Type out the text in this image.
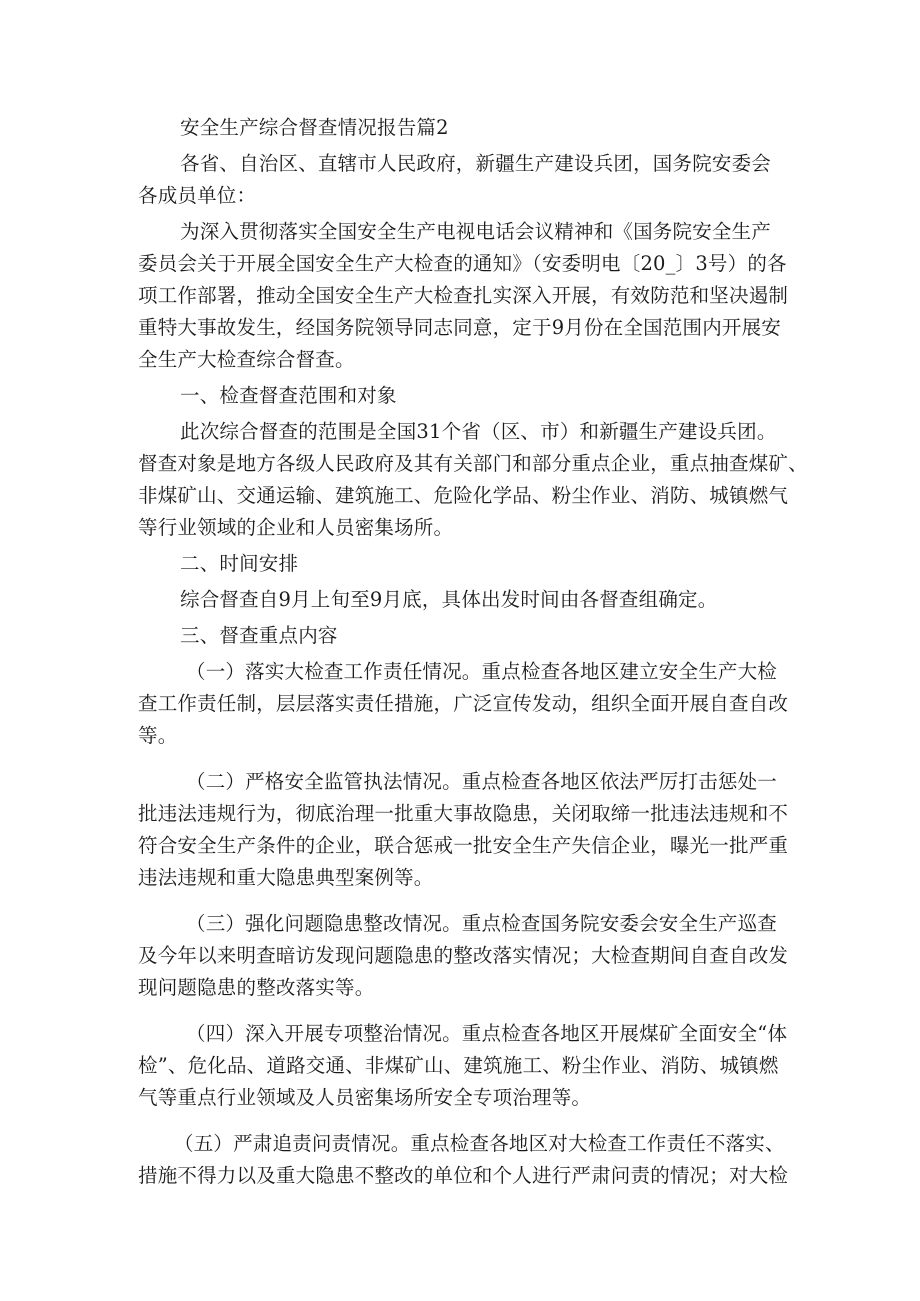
安全生产综合督查情况报告篇2
各省、自治区、直辖市人民政府，新疆生产建设兵团，国务院安委会
各成员单位：
为深入贯彻落实全国安全生产电视电话会议精神和《国务院安全生产
委员会关于开展全国安全生产大检查的通知》（安委明电〔20_〕3号）的各
项工作部署，推动全国安全生产大检查扎实深入开展，有效防范和坚决遏制
重特大事故发生，经国务院领导同志同意，定于9月份在全国范围内开展安
全生产大检查综合督查。
一、检查督查范围和对象
此次综合督查的范围是全国31个省（区、市）和新疆生产建设兵团。
督查对象是地方各级人民政府及其有关部门和部分重点企业，重点抽查煤矿、
非煤矿山、交通运输、建筑施工、危险化学品、粉尘作业、消防、城镇燃气
等行业领域的企业和人员密集场所。
二、时间安排
综合督查自9月上旬至9月底，具体出发时间由各督查组确定。
三、督查重点内容
（一）落实大检查工作责任情况。重点检查各地区建立安全生产大检
查工作责任制，层层落实责任措施，广泛宣传发动，组织全面开展自查自改
等。
（二）严格安全监管执法情况。重点检查各地区依法严厉打击惩处一
批违法违规行为，彻底治理一批重大事故隐患，关闭取缔一批违法违规和不
符合安全生产条件的企业，联合惩戒一批安全生产失信企业，曝光一批严重
违法违规和重大隐患典型案例等。
（三）强化问题隐患整改情况。重点检查国务院安委会安全生产巡查
及今年以来明查暗访发现问题隐患的整改落实情况；大检查期间自查自改发
现问题隐患的整改落实等。
（四）深入开展专项整治情况。重点检查各地区开展煤矿全面安全“体
检”、危化品、道路交通、非煤矿山、建筑施工、粉尘作业、消防、城镇燃
气等重点行业领域及人员密集场所安全专项治理等。
（五）严肃追责问责情况。重点检查各地区对大检查工作责任不落实、
措施不得力以及重大隐患不整改的单位和个人进行严肃问责的情况；对大检
